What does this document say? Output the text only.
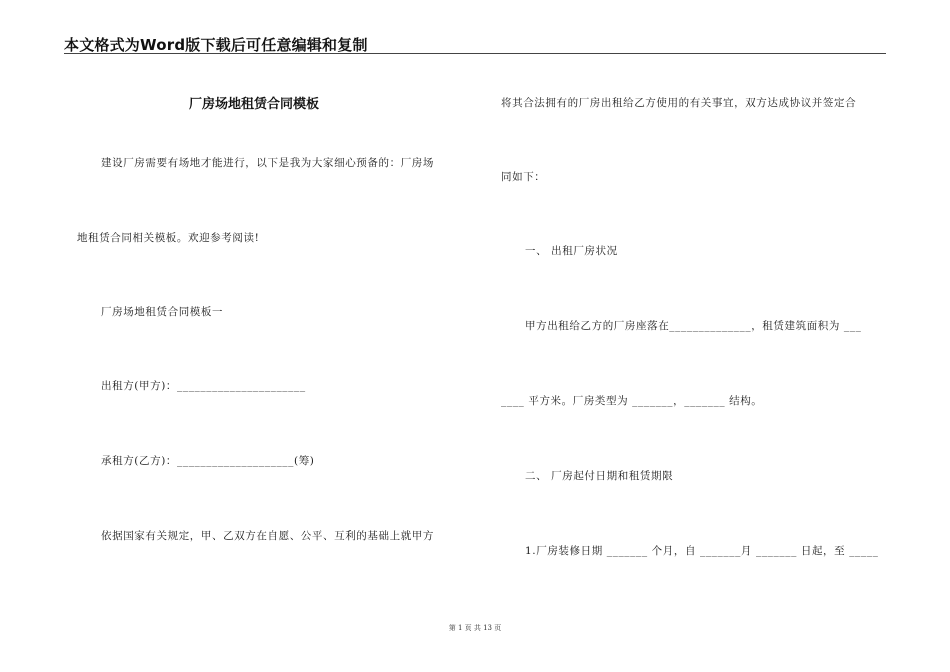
本文格式为Word版下载后可任意编辑和复制
厂房场地租赁合同模板
建设厂房需要有场地才能进行，以下是我为大家细心预备的：厂房场
地租赁合同相关模板。欢迎参考阅读!
厂房场地租赁合同模板一
出租方(甲方)：______________________
承租方(乙方)：____________________(筹)
依据国家有关规定，甲、乙双方在自愿、公平、互利的基础上就甲方
将其合法拥有的厂房出租给乙方使用的有关事宜，双方达成协议并签定合
同如下：
一、 出租厂房状况
甲方出租给乙方的厂房座落在______________，租赁建筑面积为 ___
____ 平方米。厂房类型为 _______，_______ 结构。
二、 厂房起付日期和租赁期限
1.厂房装修日期 _______ 个月，自 _______月 _______ 日起，至 _____
第 1 页 共 13 页
